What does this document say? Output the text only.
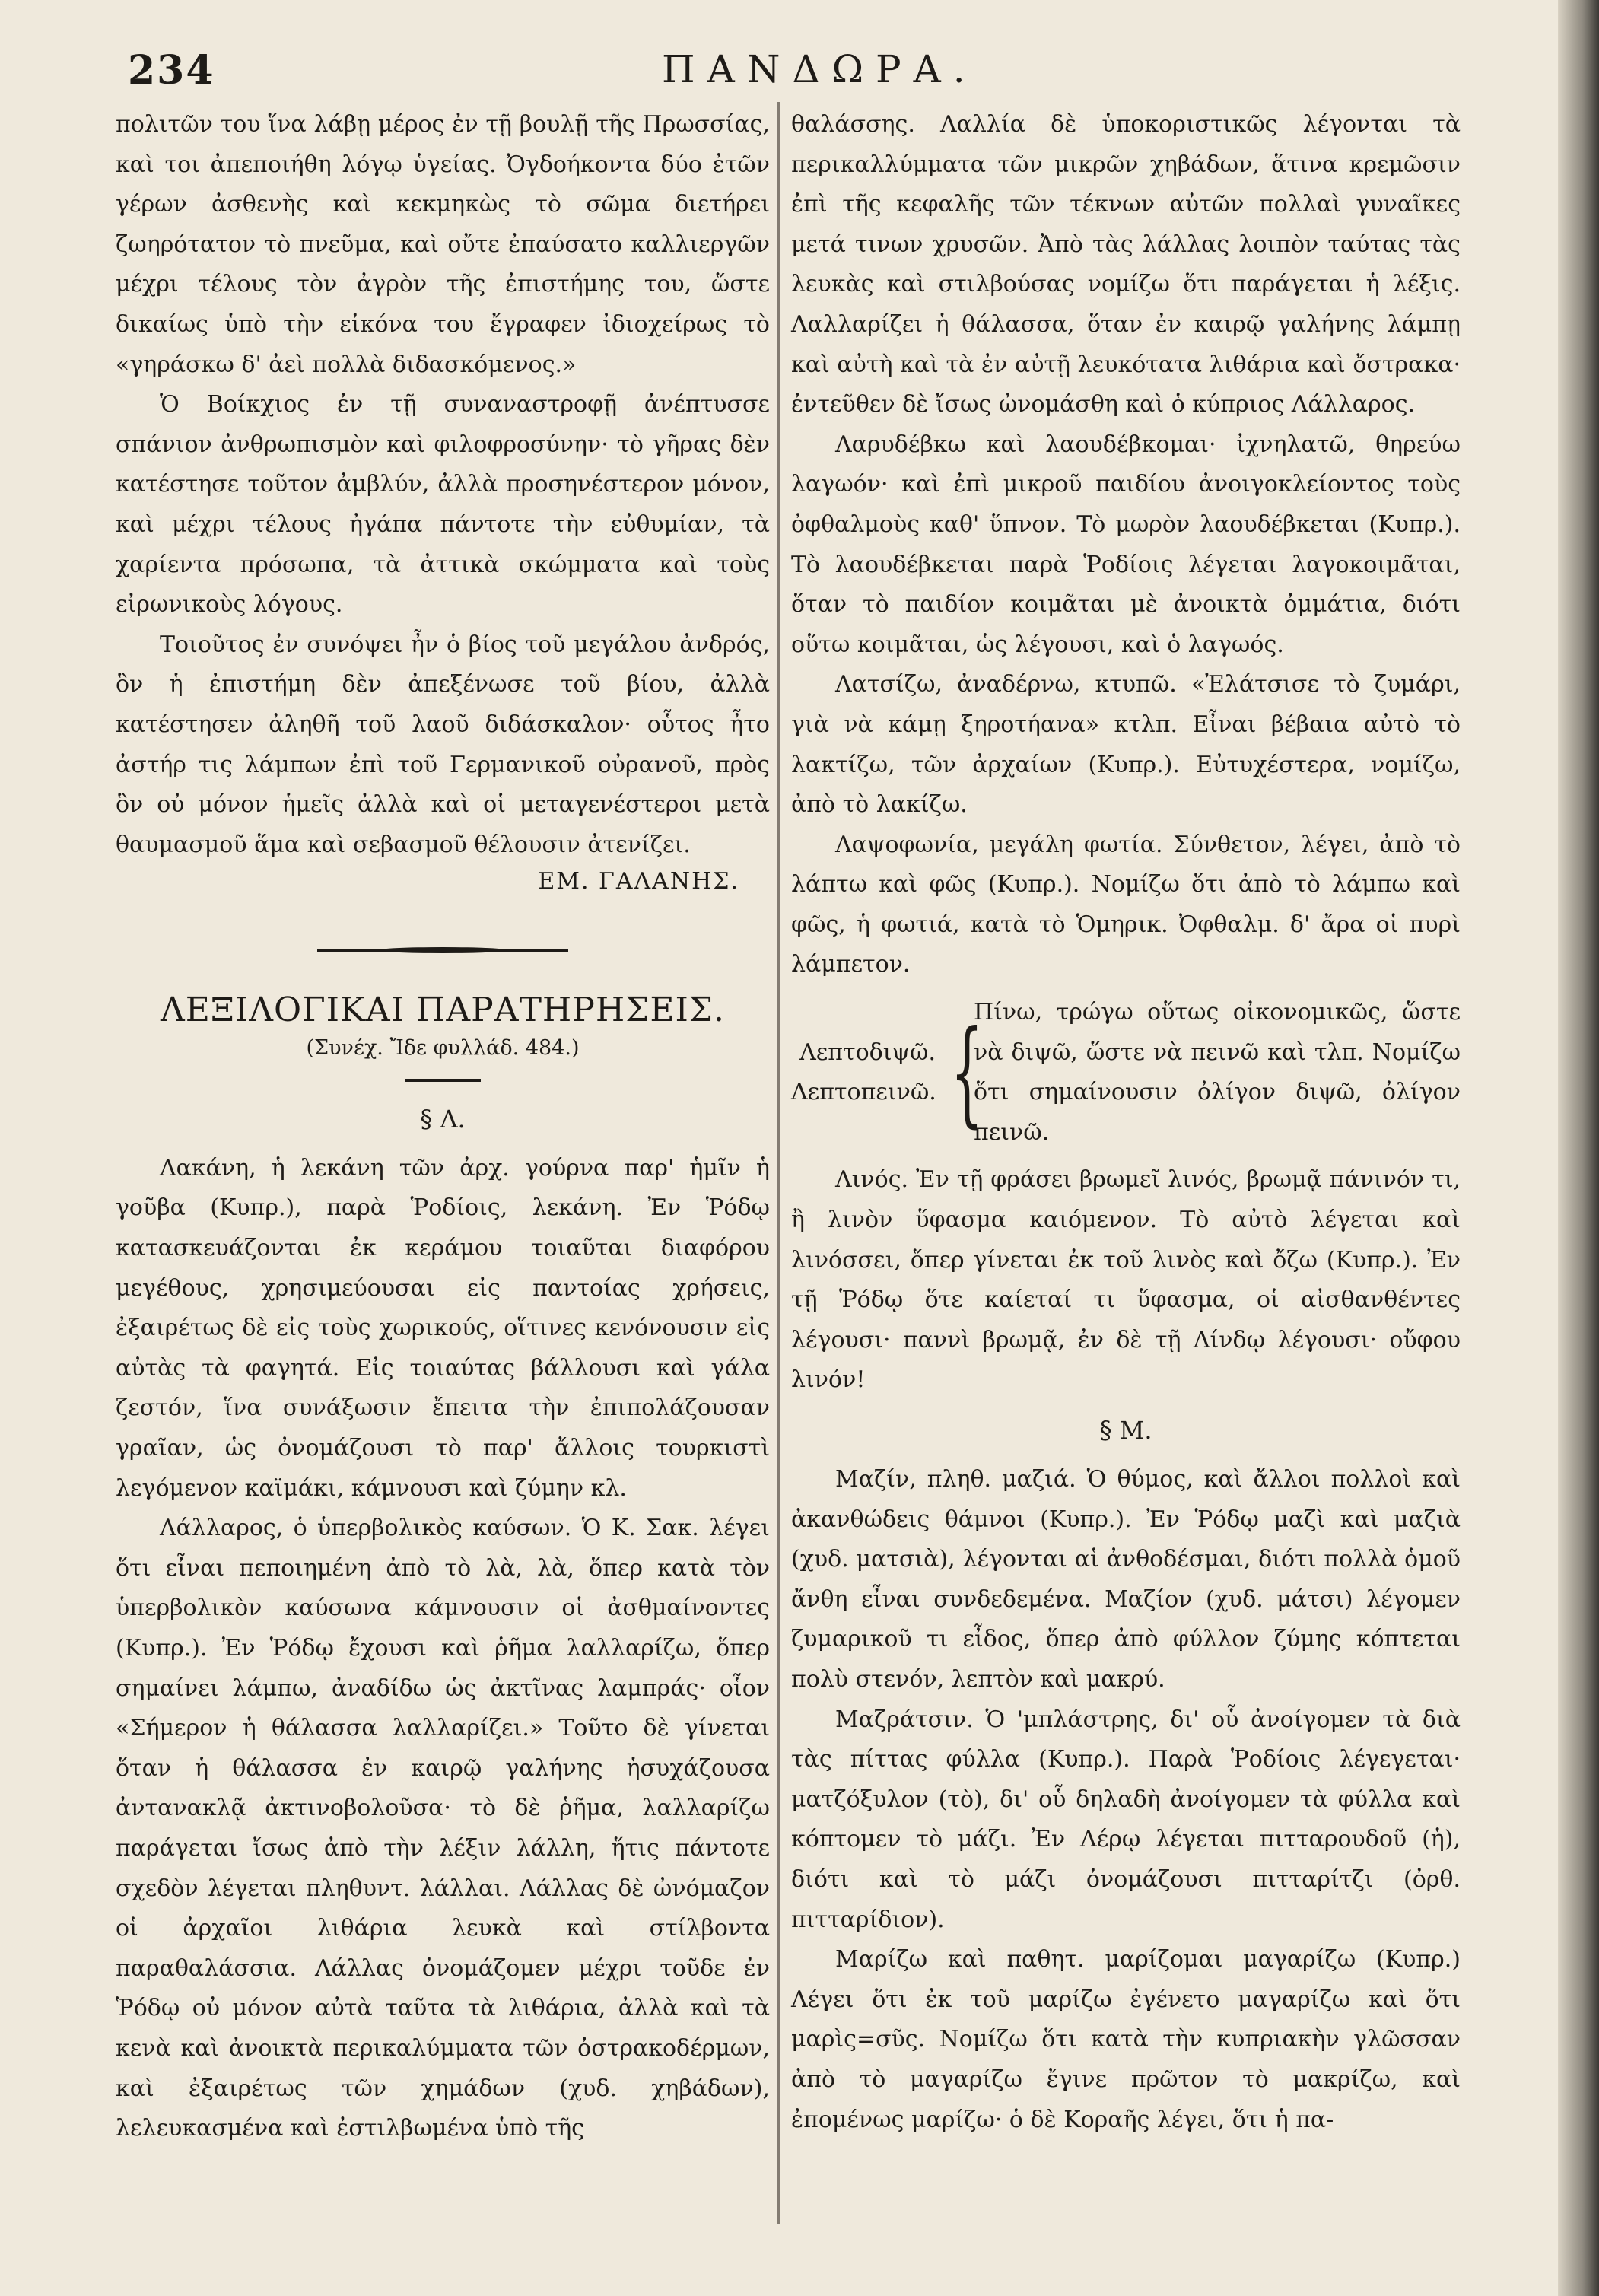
234	ΠΑΝΔΩΡΑ.

πολιτῶν του ἵνα λάβῃ μέρος ἐν τῇ βουλῇ τῆς Πρωσσίας, καὶ τοι ἀπεποιήθη λόγῳ ὑγείας. Ὀγδοήκοντα δύο ἐτῶν γέρων ἀσθενὴς καὶ κεκμηκὼς τὸ σῶμα διετήρει ζωηρότατον τὸ πνεῦμα, καὶ οὔτε ἐπαύσατο καλλιεργῶν μέχρι τέλους τὸν ἀγρὸν τῆς ἐπιστήμης του, ὥστε δικαίως ὑπὸ τὴν εἰκόνα του ἔγραφεν ἰδιοχείρως τὸ «γηράσκω δ' ἀεὶ πολλὰ διδασκόμενος.»

Ὁ Βοίκχιος ἐν τῇ συναναστροφῇ ἀνέπτυσσε σπάνιον ἀνθρωπισμὸν καὶ φιλοφροσύνην· τὸ γῆρας δὲν κατέστησε τοῦτον ἀμβλύν, ἀλλὰ προσηνέστερον μόνον, καὶ μέχρι τέλους ἠγάπα πάντοτε τὴν εὐθυμίαν, τὰ χαρίεντα πρόσωπα, τὰ ἀττικὰ σκώμματα καὶ τοὺς εἰρωνικοὺς λόγους.

Τοιοῦτος ἐν συνόψει ἦν ὁ βίος τοῦ μεγάλου ἀνδρός, ὃν ἡ ἐπιστήμη δὲν ἀπεξένωσε τοῦ βίου, ἀλλὰ κατέστησεν ἀληθῆ τοῦ λαοῦ διδάσκαλον· οὗτος ἦτο ἀστήρ τις λάμπων ἐπὶ τοῦ Γερμανικοῦ οὐρανοῦ, πρὸς ὃν οὐ μόνον ἡμεῖς ἀλλὰ καὶ οἱ μεταγενέστεροι μετὰ θαυμασμοῦ ἅμα καὶ σεβασμοῦ θέλουσιν ἀτενίζει.

ΕΜ. ΓΑΛΑΝΗΣ.

ΛΕΞΙΛΟΓΙΚΑΙ ΠΑΡΑΤΗΡΗΣΕΙΣ.

(Συνέχ. Ἴδε φυλλάδ. 484.)

§ Λ.

Λακάνη, ἡ λεκάνη τῶν ἀρχ. γούρνα παρ' ἡμῖν ἡ γοῦβα (Κυπρ.), παρὰ Ῥοδίοις, λεκάνη. Ἐν Ῥόδῳ κατασκευάζονται ἐκ κεράμου τοιαῦται διαφόρου μεγέθους, χρησιμεύουσαι εἰς παντοίας χρήσεις, ἐξαιρέτως δὲ εἰς τοὺς χωρικούς, οἵτινες κενόνουσιν εἰς αὐτὰς τὰ φαγητά. Εἰς τοιαύτας βάλλουσι καὶ γάλα ζεστόν, ἵνα συνάξωσιν ἔπειτα τὴν ἐπιπολάζουσαν γραῖαν, ὡς ὀνομάζουσι τὸ παρ' ἄλλοις τουρκιστὶ λεγόμενον καϊμάκι, κάμνουσι καὶ ζύμην κλ.

Λάλλαρος, ὁ ὑπερβολικὸς καύσων. Ὁ Κ. Σακ. λέγει ὅτι εἶναι πεποιημένη ἀπὸ τὸ λὰ, λὰ, ὅπερ κατὰ τὸν ὑπερβολικὸν καύσωνα κάμνουσιν οἱ ἀσθμαίνοντες (Κυπρ.). Ἐν Ῥόδῳ ἔχουσι καὶ ῥῆμα λαλλαρίζω, ὅπερ σημαίνει λάμπω, ἀναδίδω ὡς ἀκτῖνας λαμπράς· οἷον «Σήμερον ἡ θάλασσα λαλλαρίζει.» Τοῦτο δὲ γίνεται ὅταν ἡ θάλασσα ἐν καιρῷ γαλήνης ἡσυχάζουσα ἀντανακλᾷ ἀκτινοβολοῦσα· τὸ δὲ ῥῆμα, λαλλαρίζω παράγεται ἴσως ἀπὸ τὴν λέξιν λάλλη, ἥτις πάντοτε σχεδὸν λέγεται πληθυντ. λάλλαι. Λάλλας δὲ ὠνόμαζον οἱ ἀρχαῖοι λιθάρια λευκὰ καὶ στίλβοντα παραθαλάσσια. Λάλλας ὀνομάζομεν μέχρι τοῦδε ἐν Ῥόδῳ οὐ μόνον αὐτὰ ταῦτα τὰ λιθάρια, ἀλλὰ καὶ τὰ κενὰ καὶ ἀνοικτὰ περικαλύμματα τῶν ὀστρακοδέρμων, καὶ ἐξαιρέτως τῶν χημάδων (χυδ. χηβάδων), λελευκασμένα καὶ ἐστιλβωμένα ὑπὸ τῆς

θαλάσσης. Λαλλία δὲ ὑποκοριστικῶς λέγονται τὰ περικαλλύμματα τῶν μικρῶν χηβάδων, ἅτινα κρεμῶσιν ἐπὶ τῆς κεφαλῆς τῶν τέκνων αὐτῶν πολλαὶ γυναῖκες μετά τινων χρυσῶν. Ἀπὸ τὰς λάλλας λοιπὸν ταύτας τὰς λευκὰς καὶ στιλβούσας νομίζω ὅτι παράγεται ἡ λέξις. Λαλλαρίζει ἡ θάλασσα, ὅταν ἐν καιρῷ γαλήνης λάμπῃ καὶ αὐτὴ καὶ τὰ ἐν αὐτῇ λευκότατα λιθάρια καὶ ὄστρακα· ἐντεῦθεν δὲ ἴσως ὠνομάσθη καὶ ὁ κύπριος Λάλλαρος.

Λαρυδέβκω καὶ λαουδέβκομαι· ἰχνηλατῶ, θηρεύω λαγωόν· καὶ ἐπὶ μικροῦ παιδίου ἀνοιγοκλείοντος τοὺς ὀφθαλμοὺς καθ' ὕπνον. Τὸ μωρὸν λαουδέβκεται (Κυπρ.). Τὸ λαουδέβκεται παρὰ Ῥοδίοις λέγεται λαγοκοιμᾶται, ὅταν τὸ παιδίον κοιμᾶται μὲ ἀνοικτὰ ὀμμάτια, διότι οὕτω κοιμᾶται, ὡς λέγουσι, καὶ ὁ λαγωός.

Λατσίζω, ἀναδέρνω, κτυπῶ. «Ἐλάτσισε τὸ ζυμάρι, γιὰ νὰ κάμῃ ξηροτήανα» κτλπ. Εἶναι βέβαια αὐτὸ τὸ λακτίζω, τῶν ἀρχαίων (Κυπρ.). Εὐτυχέστερα, νομίζω, ἀπὸ τὸ λακίζω.

Λαψοφωνία, μεγάλη φωτία. Σύνθετον, λέγει, ἀπὸ τὸ λάπτω καὶ φῶς (Κυπρ.). Νομίζω ὅτι ἀπὸ τὸ λάμπω καὶ φῶς, ἡ φωτιά, κατὰ τὸ Ὁμηρικ. Ὀφθαλμ. δ' ἄρα οἱ πυρὶ λάμπετον.

Λεπτοδιψῶ.
Λεπτοπεινῶ. {

Πίνω, τρώγω οὕτως οἰκονομικῶς, ὥστε νὰ διψῶ, ὥστε νὰ πεινῶ καὶ τλπ. Νομίζω ὅτι σημαίνουσιν ὀλίγον διψῶ, ὀλίγον πεινῶ.

Λινός. Ἐν τῇ φράσει βρωμεῖ λινός, βρωμᾷ πάνινόν τι, ἢ λινὸν ὕφασμα καιόμενον. Τὸ αὐτὸ λέγεται καὶ λινόσσει, ὅπερ γίνεται ἐκ τοῦ λινὸς καὶ ὄζω (Κυπρ.). Ἐν τῇ Ῥόδῳ ὅτε καίεταί τι ὕφασμα, οἱ αἰσθανθέντες λέγουσι· παννὶ βρωμᾷ, ἐν δὲ τῇ Λίνδῳ λέγουσι· οὔφου λινόν!

§ Μ.

Μαζίν, πληθ. μαζιά. Ὁ θύμος, καὶ ἄλλοι πολλοὶ καὶ ἀκανθώδεις θάμνοι (Κυπρ.). Ἐν Ῥόδῳ μαζὶ καὶ μαζιὰ (χυδ. ματσιὰ), λέγονται αἱ ἀνθοδέσμαι, διότι πολλὰ ὁμοῦ ἄνθη εἶναι συνδεδεμένα. Μαζίον (χυδ. μάτσι) λέγομεν ζυμαρικοῦ τι εἶδος, ὅπερ ἀπὸ φύλλον ζύμης κόπτεται πολὺ στενόν, λεπτὸν καὶ μακρύ.

Μαζράτσιν. Ὁ 'μπλάστρης, δι' οὗ ἀνοίγομεν τὰ διὰ τὰς πίττας φύλλα (Κυπρ.). Παρὰ Ῥοδίοις λέγεγεται· ματζόξυλον (τὸ), δι' οὗ δηλαδὴ ἀνοίγομεν τὰ φύλλα καὶ κόπτομεν τὸ μάζι. Ἐν Λέρῳ λέγεται πιτταρουδοῦ (ἡ), διότι καὶ τὸ μάζι ὀνομάζουσι πιτταρίτζι (ὀρθ. πιτταρίδιον).

Μαρίζω καὶ παθητ. μαρίζομαι μαγαρίζω (Κυπρ.) Λέγει ὅτι ἐκ τοῦ μαρίζω ἐγένετο μαγαρίζω καὶ ὅτι μαρὶς=σῦς. Νομίζω ὅτι κατὰ τὴν κυπριακὴν γλῶσσαν ἀπὸ τὸ μαγαρίζω ἔγινε πρῶτον τὸ μακρίζω, καὶ ἐπομένως μαρίζω· ὁ δὲ Κοραῆς λέγει, ὅτι ἡ πα-
